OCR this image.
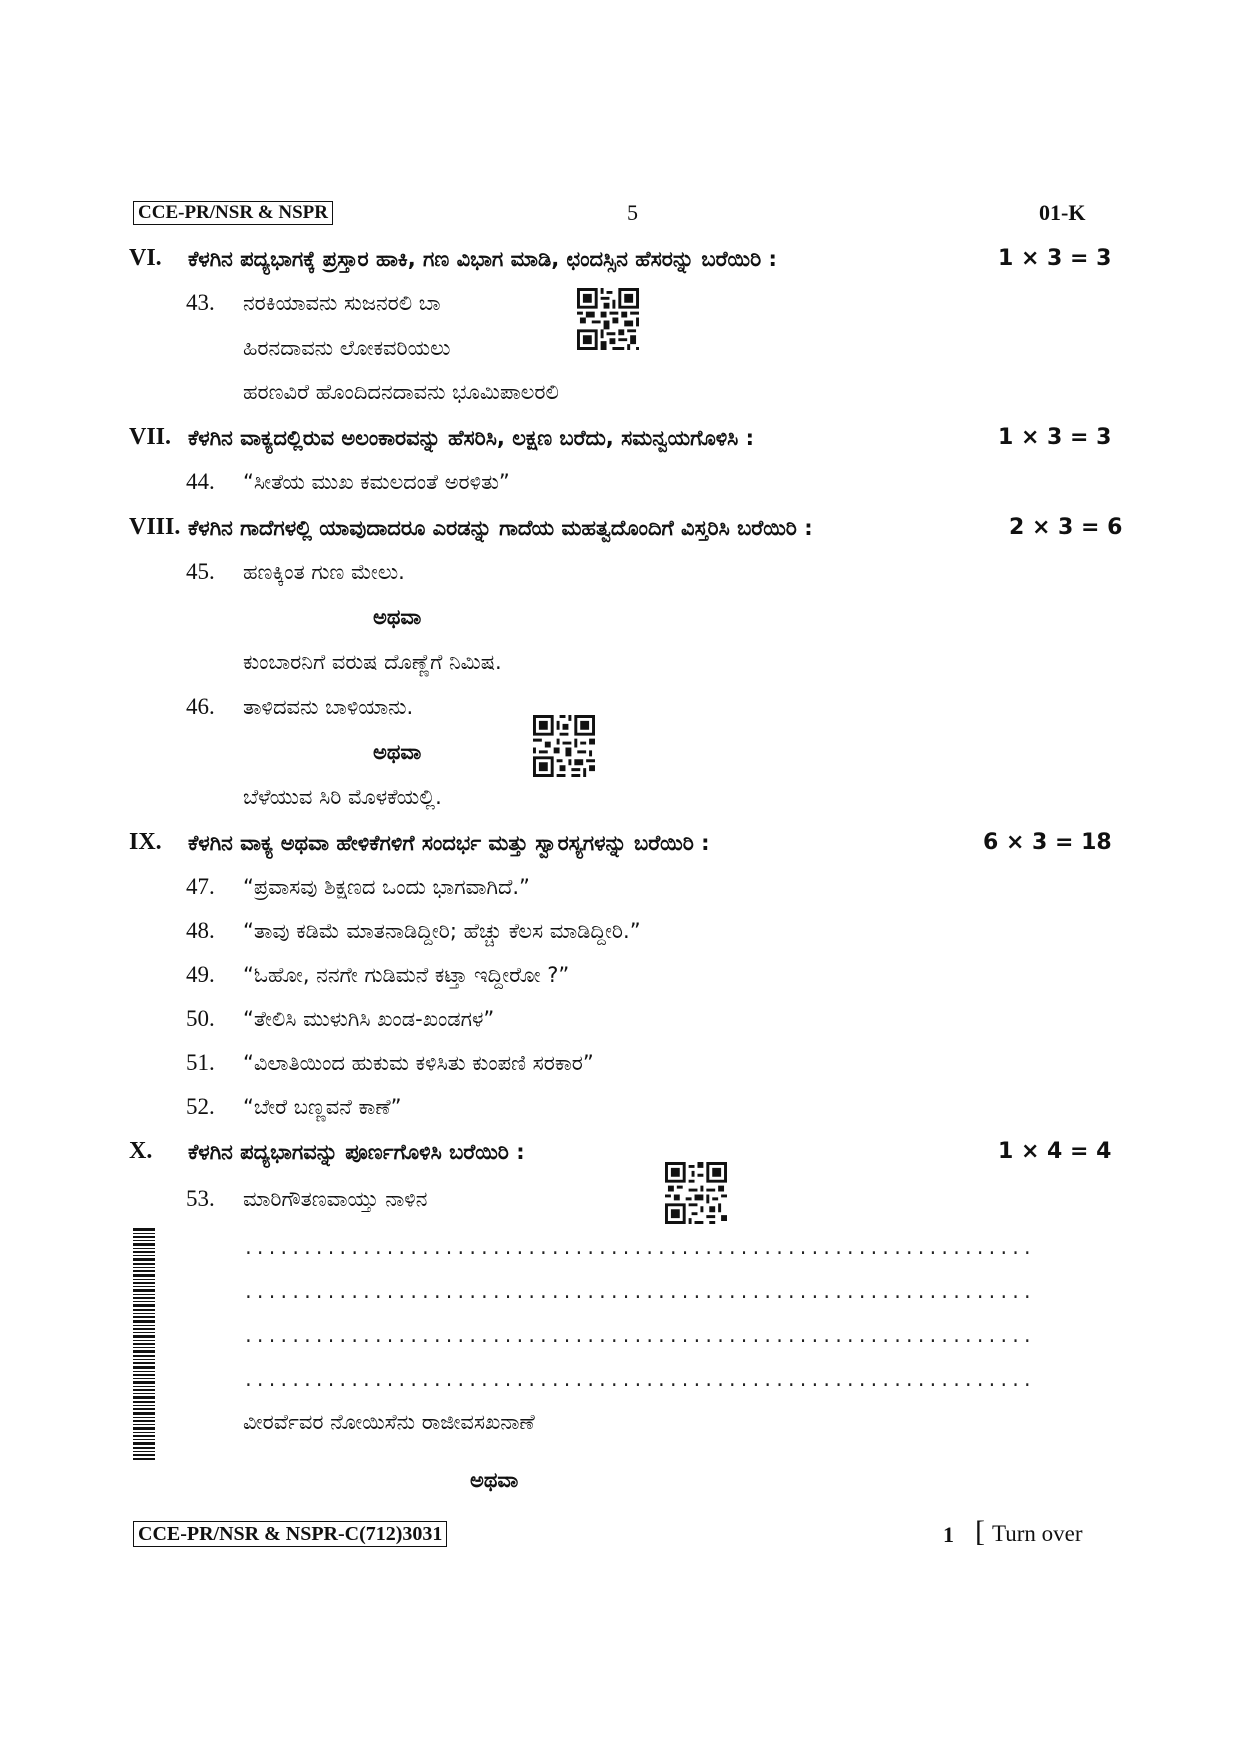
CCE-PR/NSR & NSPR	5	01-K
VI. ಕೆಳಗಿನ ಪದ್ಯಭಾಗಕ್ಕೆ ಪ್ರಸ್ತಾರ ಹಾಕಿ, ಗಣ ವಿಭಾಗ ಮಾಡಿ, ಛಂದಸ್ಸಿನ ಹೆಸರನ್ನು ಬರೆಯಿರಿ :	1 × 3 = 3
43. ನರಕಿಯಾವನು ಸುಜನರಲಿ ಬಾ
ಹಿರನದಾವನು ಲೋಕವರಿಯಲು
ಹರಣವಿರೆ ಹೊಂದಿದನದಾವನು ಭೂಮಿಪಾಲರಲಿ
VII. ಕೆಳಗಿನ ವಾಕ್ಯದಲ್ಲಿರುವ ಅಲಂಕಾರವನ್ನು ಹೆಸರಿಸಿ, ಲಕ್ಷಣ ಬರೆದು, ಸಮನ್ವಯಗೊಳಿಸಿ :	1 × 3 = 3
44. “ಸೀತೆಯ ಮುಖ ಕಮಲದಂತೆ ಅರಳಿತು”
VIII. ಕೆಳಗಿನ ಗಾದೆಗಳಲ್ಲಿ ಯಾವುದಾದರೂ ಎರಡನ್ನು ಗಾದೆಯ ಮಹತ್ವದೊಂದಿಗೆ ವಿಸ್ತರಿಸಿ ಬರೆಯಿರಿ :	2 × 3 = 6
45. ಹಣಕ್ಕಿಂತ ಗುಣ ಮೇಲು.
ಅಥವಾ
ಕುಂಬಾರನಿಗೆ ವರುಷ ದೊಣ್ಣೆಗೆ ನಿಮಿಷ.
46. ತಾಳಿದವನು ಬಾಳಿಯಾನು.
ಅಥವಾ
ಬೆಳೆಯುವ ಸಿರಿ ಮೊಳಕೆಯಲ್ಲಿ.
IX. ಕೆಳಗಿನ ವಾಕ್ಯ ಅಥವಾ ಹೇಳಿಕೆಗಳಿಗೆ ಸಂದರ್ಭ ಮತ್ತು ಸ್ವಾರಸ್ಯಗಳನ್ನು ಬರೆಯಿರಿ :	6 × 3 = 18
47. “ಪ್ರವಾಸವು ಶಿಕ್ಷಣದ ಒಂದು ಭಾಗವಾಗಿದೆ.”
48. “ತಾವು ಕಡಿಮೆ ಮಾತನಾಡಿದ್ದೀರಿ; ಹೆಚ್ಚು ಕೆಲಸ ಮಾಡಿದ್ದೀರಿ.”
49. “ಓಹೋ, ನನಗೇ ಗುಡಿಮನೆ ಕಟ್ತಾ ಇದ್ದೀರೋ ?”
50. “ತೇಲಿಸಿ ಮುಳುಗಿಸಿ ಖಂಡ-ಖಂಡಗಳ”
51. “ವಿಲಾತಿಯಿಂದ ಹುಕುಮ ಕಳಿಸಿತು ಕುಂಪಣಿ ಸರಕಾರ”
52. “ಬೇರೆ ಬಣ್ಣವನೆ ಕಾಣೆ”
X. ಕೆಳಗಿನ ಪದ್ಯಭಾಗವನ್ನು ಪೂರ್ಣಗೊಳಿಸಿ ಬರೆಯಿರಿ :	1 × 4 = 4
53. ಮಾರಿಗೌತಣವಾಯ್ತು ನಾಳಿನ
...................................................................
...................................................................
...................................................................
...................................................................
ವೀರರ್ವೆವರ ನೋಯಿಸೆನು ರಾಜೀವಸಖನಾಣೆ
ಅಥವಾ
CCE-PR/NSR & NSPR-C(712)3031	1 [ Turn over
